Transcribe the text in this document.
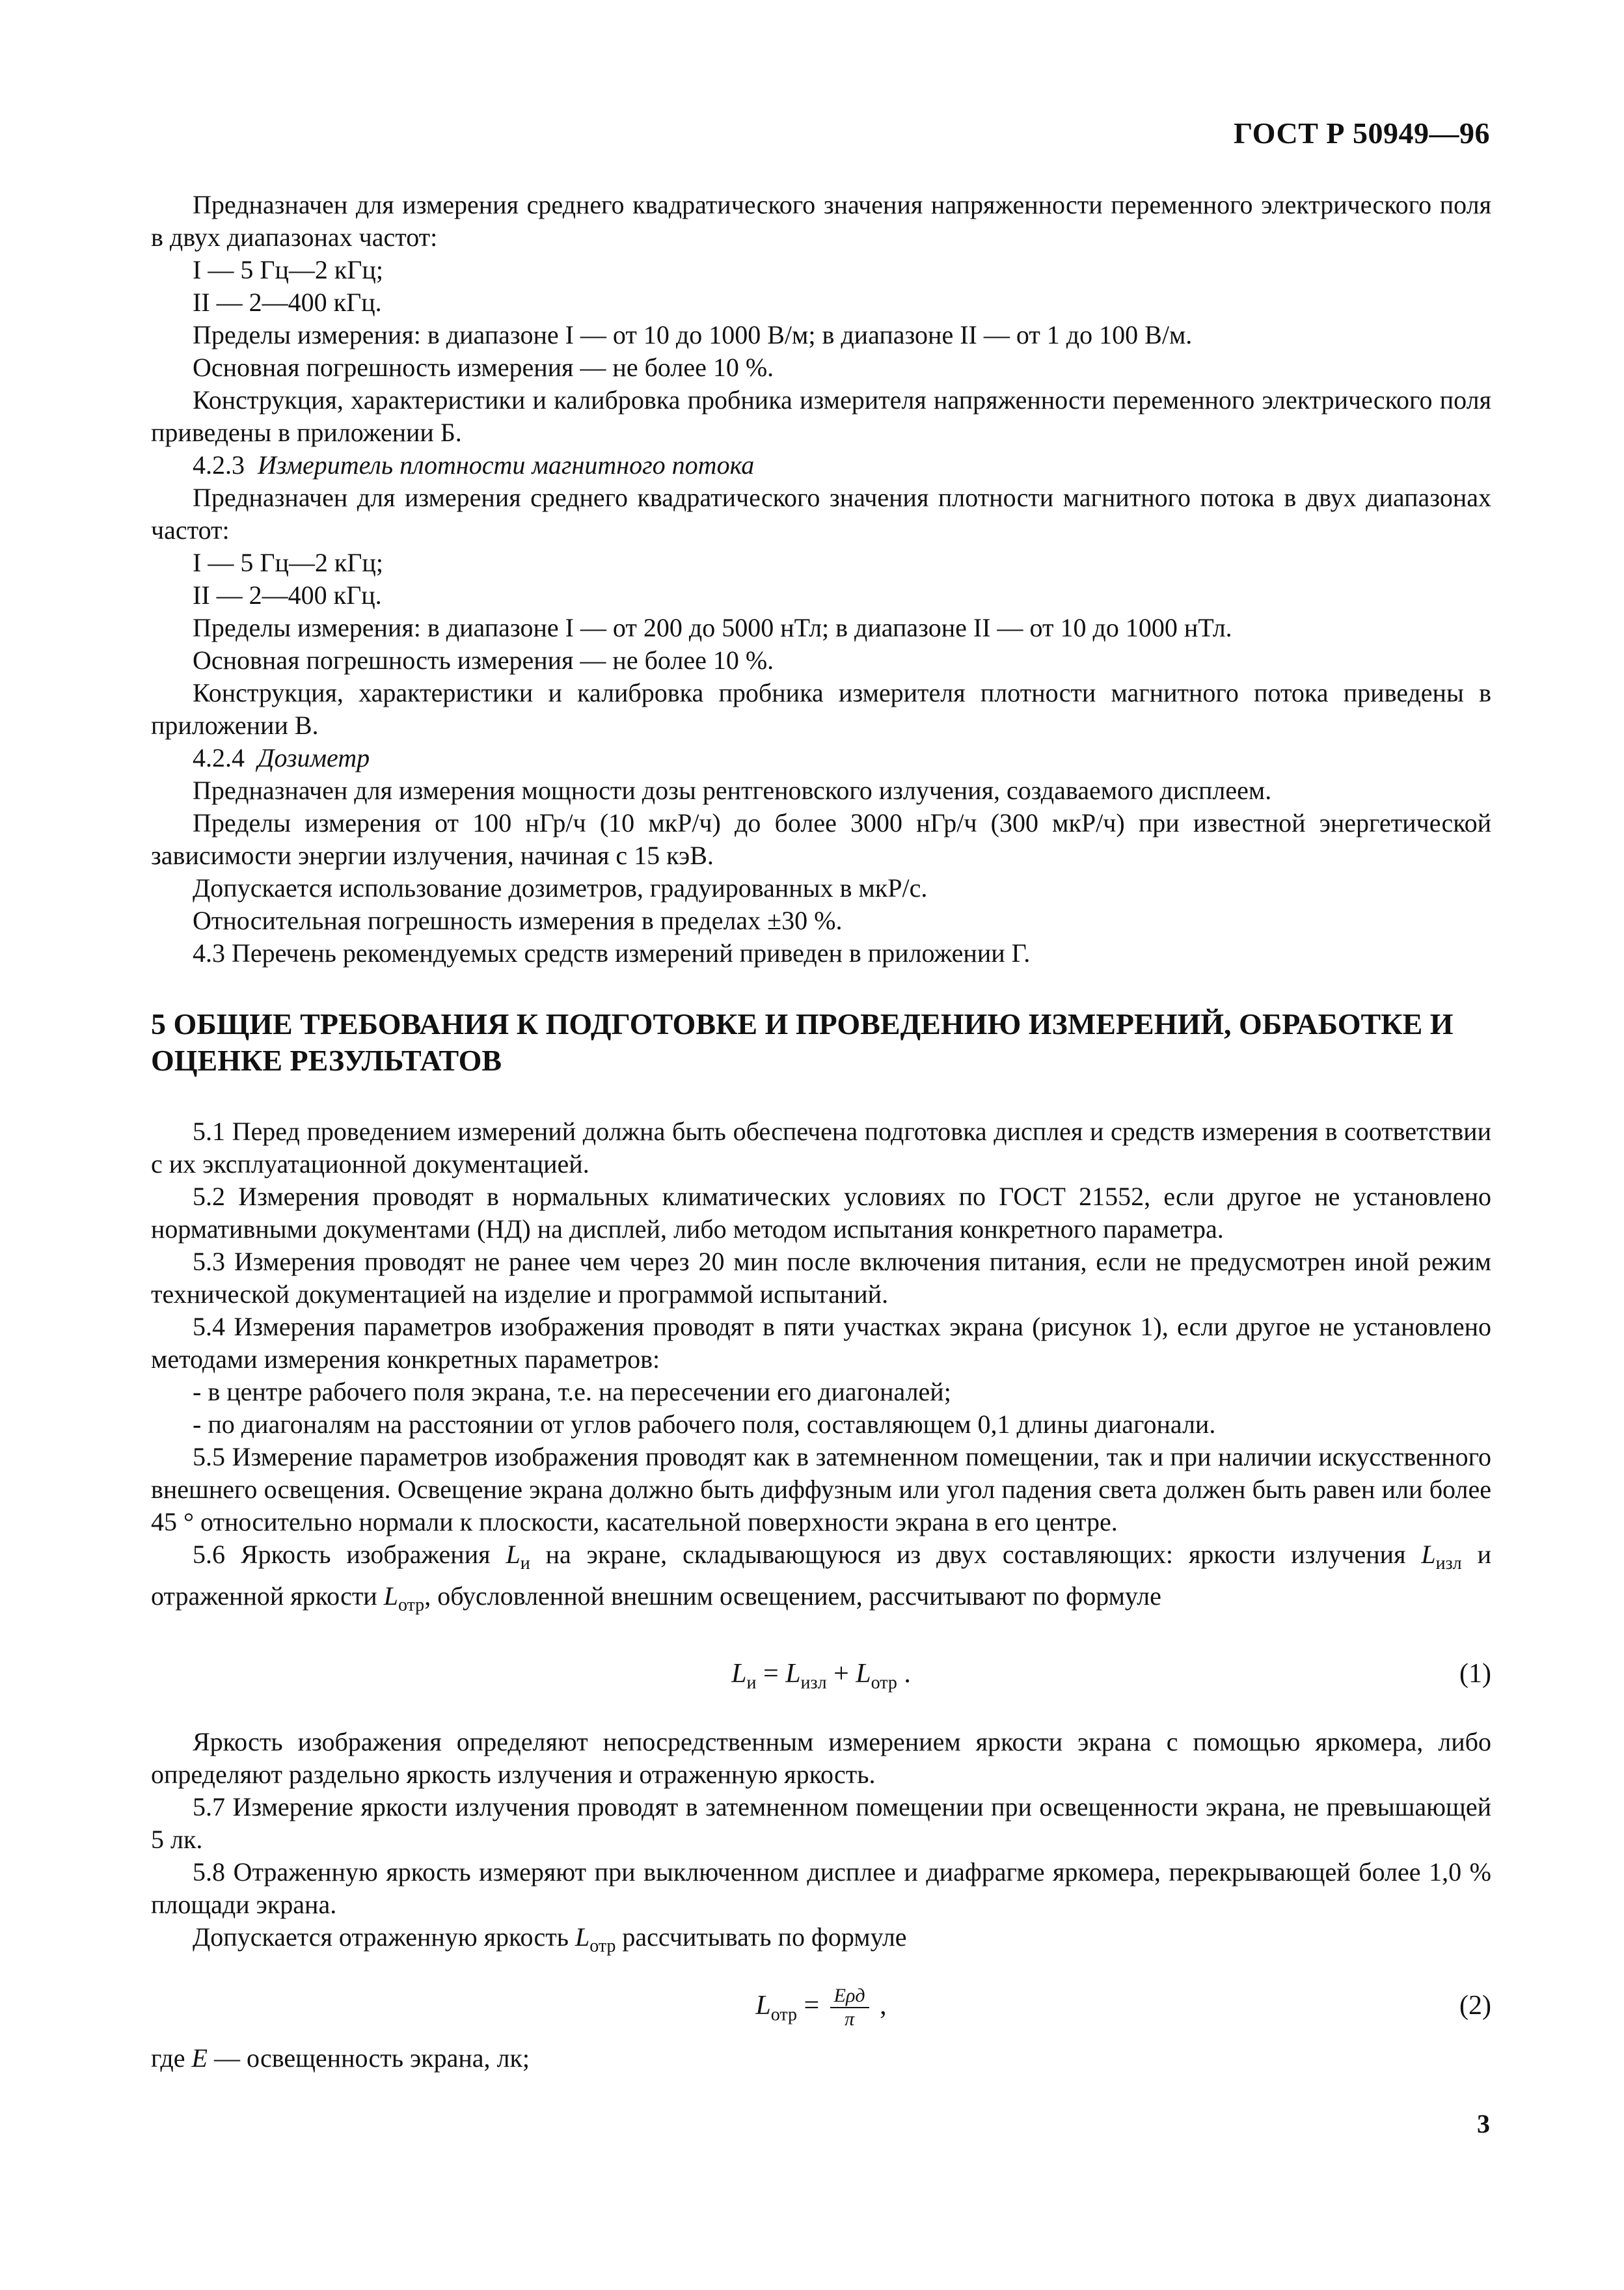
ГОСТ Р 50949—96

Предназначен для измерения среднего квадратического значения напряженности переменного электрического поля в двух диапазонах частот:

I — 5 Гц—2 кГц;

II — 2—400 кГц.

Пределы измерения: в диапазоне I — от 10 до 1000 В/м; в диапазоне II — от 1 до 100 В/м.

Основная погрешность измерения — не более 10 %.

Конструкция, характеристики и калибровка пробника измерителя напряженности переменного электрического поля приведены в приложении Б.

4.2.3 Измеритель плотности магнитного потока

Предназначен для измерения среднего квадратического значения плотности магнитного потока в двух диапазонах частот:

I — 5 Гц—2 кГц;

II — 2—400 кГц.

Пределы измерения: в диапазоне I — от 200 до 5000 нТл; в диапазоне II — от 10 до 1000 нТл.

Основная погрешность измерения — не более 10 %.

Конструкция, характеристики и калибровка пробника измерителя плотности магнитного потока приведены в приложении В.

4.2.4 Дозиметр

Предназначен для измерения мощности дозы рентгеновского излучения, создаваемого дисплеем.

Пределы измерения от 100 нГр/ч (10 мкР/ч) до более 3000 нГр/ч (300 мкР/ч) при известной энергетической зависимости энергии излучения, начиная с 15 кэВ.

Допускается использование дозиметров, градуированных в мкР/с.

Относительная погрешность измерения в пределах ±30 %.

4.3 Перечень рекомендуемых средств измерений приведен в приложении Г.

5 ОБЩИЕ ТРЕБОВАНИЯ К ПОДГОТОВКЕ И ПРОВЕДЕНИЮ ИЗМЕРЕНИЙ, ОБРАБОТКЕ И ОЦЕНКЕ РЕЗУЛЬТАТОВ

5.1 Перед проведением измерений должна быть обеспечена подготовка дисплея и средств измерения в соответствии с их эксплуатационной документацией.

5.2 Измерения проводят в нормальных климатических условиях по ГОСТ 21552, если другое не установлено нормативными документами (НД) на дисплей, либо методом испытания конкретного параметра.

5.3 Измерения проводят не ранее чем через 20 мин после включения питания, если не предусмотрен иной режим технической документацией на изделие и программой испытаний.

5.4 Измерения параметров изображения проводят в пяти участках экрана (рисунок 1), если другое не установлено методами измерения конкретных параметров:

- в центре рабочего поля экрана, т.е. на пересечении его диагоналей;

- по диагоналям на расстоянии от углов рабочего поля, составляющем 0,1 длины диагонали.

5.5 Измерение параметров изображения проводят как в затемненном помещении, так и при наличии искусственного внешнего освещения. Освещение экрана должно быть диффузным или угол падения света должен быть равен или более 45 ° относительно нормали к плоскости, касательной поверхности экрана в его центре.

5.6 Яркость изображения $L_и$ на экране, складывающуюся из двух составляющих: яркости излучения $L_{изл}$ и отраженной яркости $L_{отр}$, обусловленной внешним освещением, рассчитывают по формуле

$L_и = L_{изл} + L_{отр}$ .	(1)

Яркость изображения определяют непосредственным измерением яркости экрана с помощью яркомера, либо определяют раздельно яркость излучения и отраженную яркость.

5.7 Измерение яркости излучения проводят в затемненном помещении при освещенности экрана, не превышающей 5 лк.

5.8 Отраженную яркость измеряют при выключенном дисплее и диафрагме яркомера, перекрывающей более 1,0 % площади экрана.

Допускается отраженную яркость $L_{отр}$ рассчитывать по формуле

$L_{отр} = \frac{\text{Eρд}}{\pi}$ ,	(2)

где E — освещенность экрана, лк;

3
